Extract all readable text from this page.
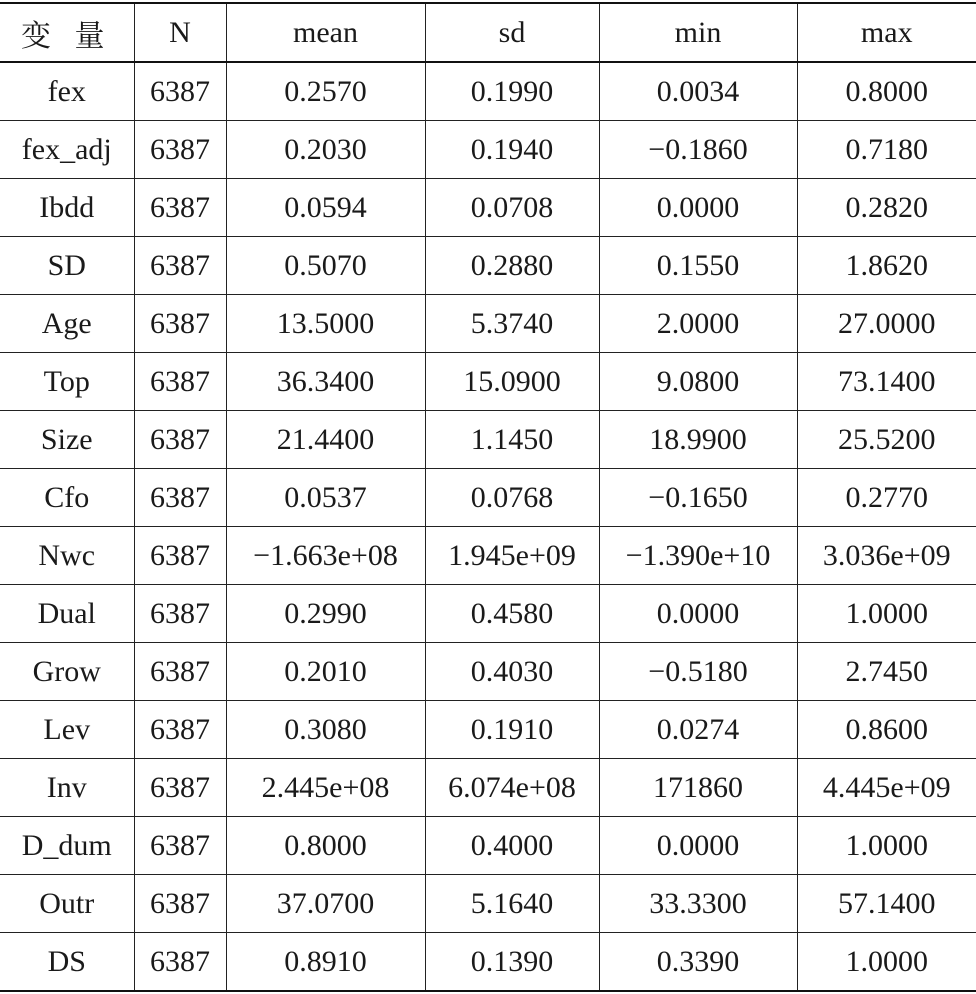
变 量	N	mean	sd	min	max
fex	6387	0.2570	0.1990	0.0034	0.8000
fex_adj	6387	0.2030	0.1940	−0.1860	0.7180
Ibdd	6387	0.0594	0.0708	0.0000	0.2820
SD	6387	0.5070	0.2880	0.1550	1.8620
Age	6387	13.5000	5.3740	2.0000	27.0000
Top	6387	36.3400	15.0900	9.0800	73.1400
Size	6387	21.4400	1.1450	18.9900	25.5200
Cfo	6387	0.0537	0.0768	−0.1650	0.2770
Nwc	6387	−1.663e+08	1.945e+09	−1.390e+10	3.036e+09
Dual	6387	0.2990	0.4580	0.0000	1.0000
Grow	6387	0.2010	0.4030	−0.5180	2.7450
Lev	6387	0.3080	0.1910	0.0274	0.8600
Inv	6387	2.445e+08	6.074e+08	171860	4.445e+09
D_dum	6387	0.8000	0.4000	0.0000	1.0000
Outr	6387	37.0700	5.1640	33.3300	57.1400
DS	6387	0.8910	0.1390	0.3390	1.0000
